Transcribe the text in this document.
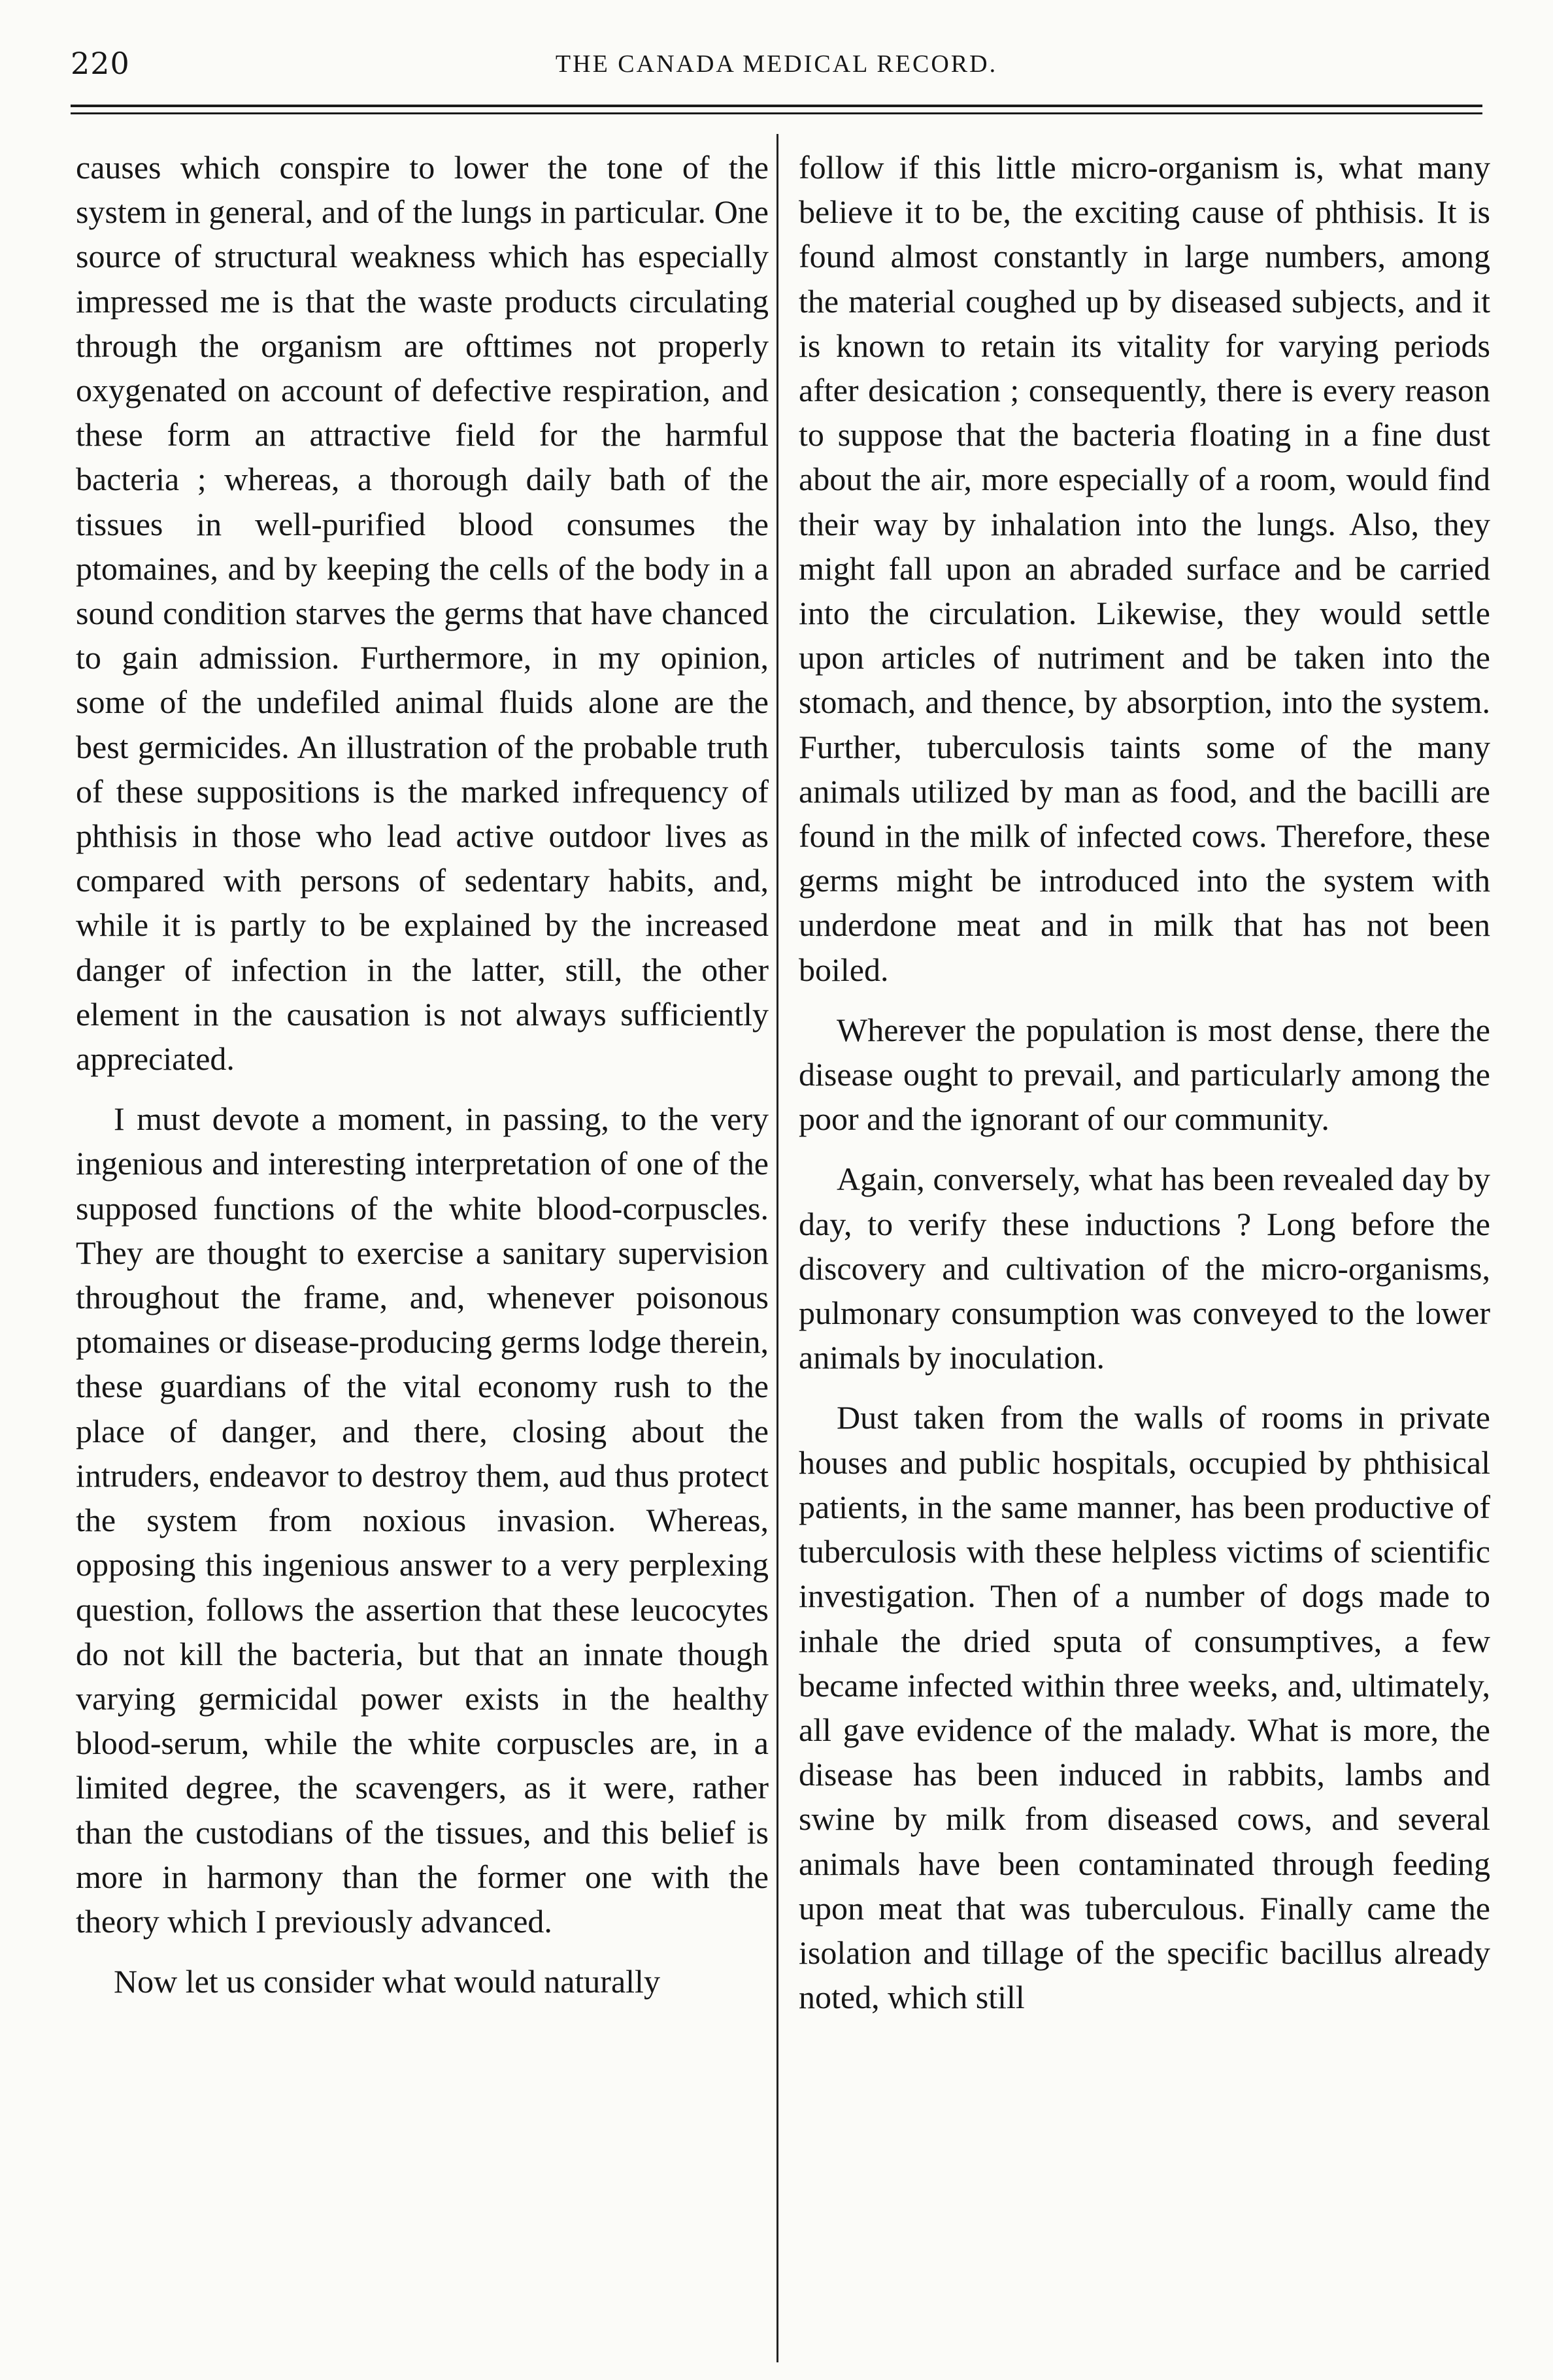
220	THE CANADA MEDICAL RECORD.

causes which conspire to lower the tone of the system in general, and of the lungs in particular. One source of structural weakness which has especially impressed me is that the waste products circulating through the organism are ofttimes not properly oxygenated on account of defective respiration, and these form an attractive field for the harmful bacteria ; whereas, a thorough daily bath of the tissues in well-purified blood consumes the ptomaines, and by keeping the cells of the body in a sound condition starves the germs that have chanced to gain admission. Furthermore, in my opinion, some of the undefiled animal fluids alone are the best germicides. An illustration of the probable truth of these suppositions is the marked infrequency of phthisis in those who lead active outdoor lives as compared with persons of sedentary habits, and, while it is partly to be explained by the increased danger of infection in the latter, still, the other element in the causation is not always sufficiently appreciated.

I must devote a moment, in passing, to the very ingenious and interesting interpretation of one of the supposed functions of the white blood-corpuscles. They are thought to exercise a sanitary supervision throughout the frame, and, whenever poisonous ptomaines or disease-producing germs lodge therein, these guardians of the vital economy rush to the place of danger, and there, closing about the intruders, endeavor to destroy them, aud thus protect the system from noxious invasion. Whereas, opposing this ingenious answer to a very perplexing question, follows the assertion that these leucocytes do not kill the bacteria, but that an innate though varying germicidal power exists in the healthy blood-serum, while the white corpuscles are, in a limited degree, the scavengers, as it were, rather than the custodians of the tissues, and this belief is more in harmony than the former one with the theory which I previously advanced.

Now let us consider what would naturally

follow if this little micro-organism is, what many believe it to be, the exciting cause of phthisis. It is found almost constantly in large numbers, among the material coughed up by diseased subjects, and it is known to retain its vitality for varying periods after desication ; consequently, there is every reason to suppose that the bacteria floating in a fine dust about the air, more especially of a room, would find their way by inhalation into the lungs. Also, they might fall upon an abraded surface and be carried into the circulation. Likewise, they would settle upon articles of nutriment and be taken into the stomach, and thence, by absorption, into the system. Further, tuberculosis taints some of the many animals utilized by man as food, and the bacilli are found in the milk of infected cows. Therefore, these germs might be introduced into the system with underdone meat and in milk that has not been boiled.

Wherever the population is most dense, there the disease ought to prevail, and particularly among the poor and the ignorant of our community.

Again, conversely, what has been revealed day by day, to verify these inductions ? Long before the discovery and cultivation of the micro-organisms, pulmonary consumption was conveyed to the lower animals by inoculation.

Dust taken from the walls of rooms in private houses and public hospitals, occupied by phthisical patients, in the same manner, has been productive of tuberculosis with these helpless victims of scientific investigation. Then of a number of dogs made to inhale the dried sputa of consumptives, a few became infected within three weeks, and, ultimately, all gave evidence of the malady. What is more, the disease has been induced in rabbits, lambs and swine by milk from diseased cows, and several animals have been contaminated through feeding upon meat that was tuberculous. Finally came the isolation and tillage of the specific bacillus already noted, which still
